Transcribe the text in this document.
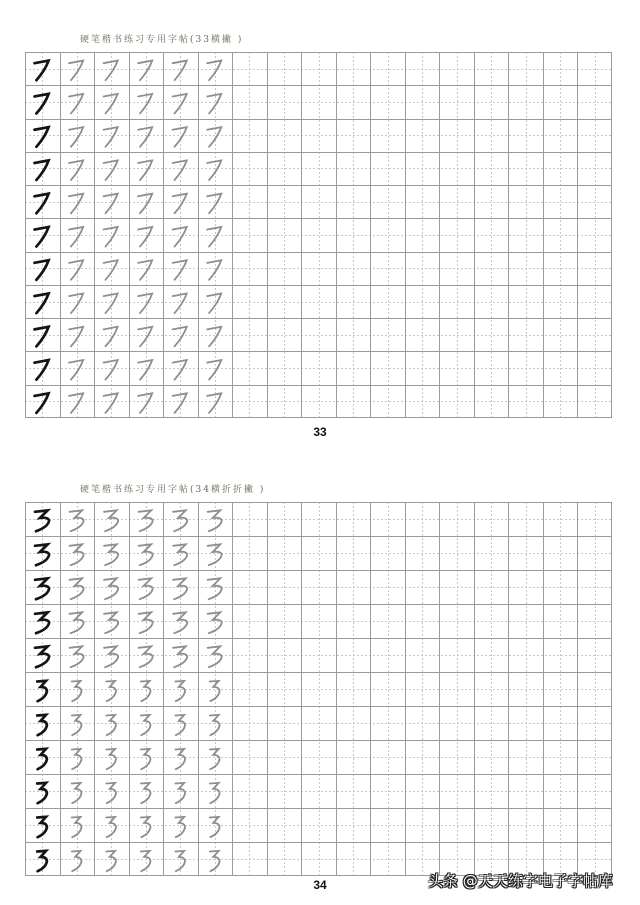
硬笔楷书练习专用字帖(33横撇 )
33
硬笔楷书练习专用字帖(34横折折撇 )
34	头条 @天天练字电子字帖库
